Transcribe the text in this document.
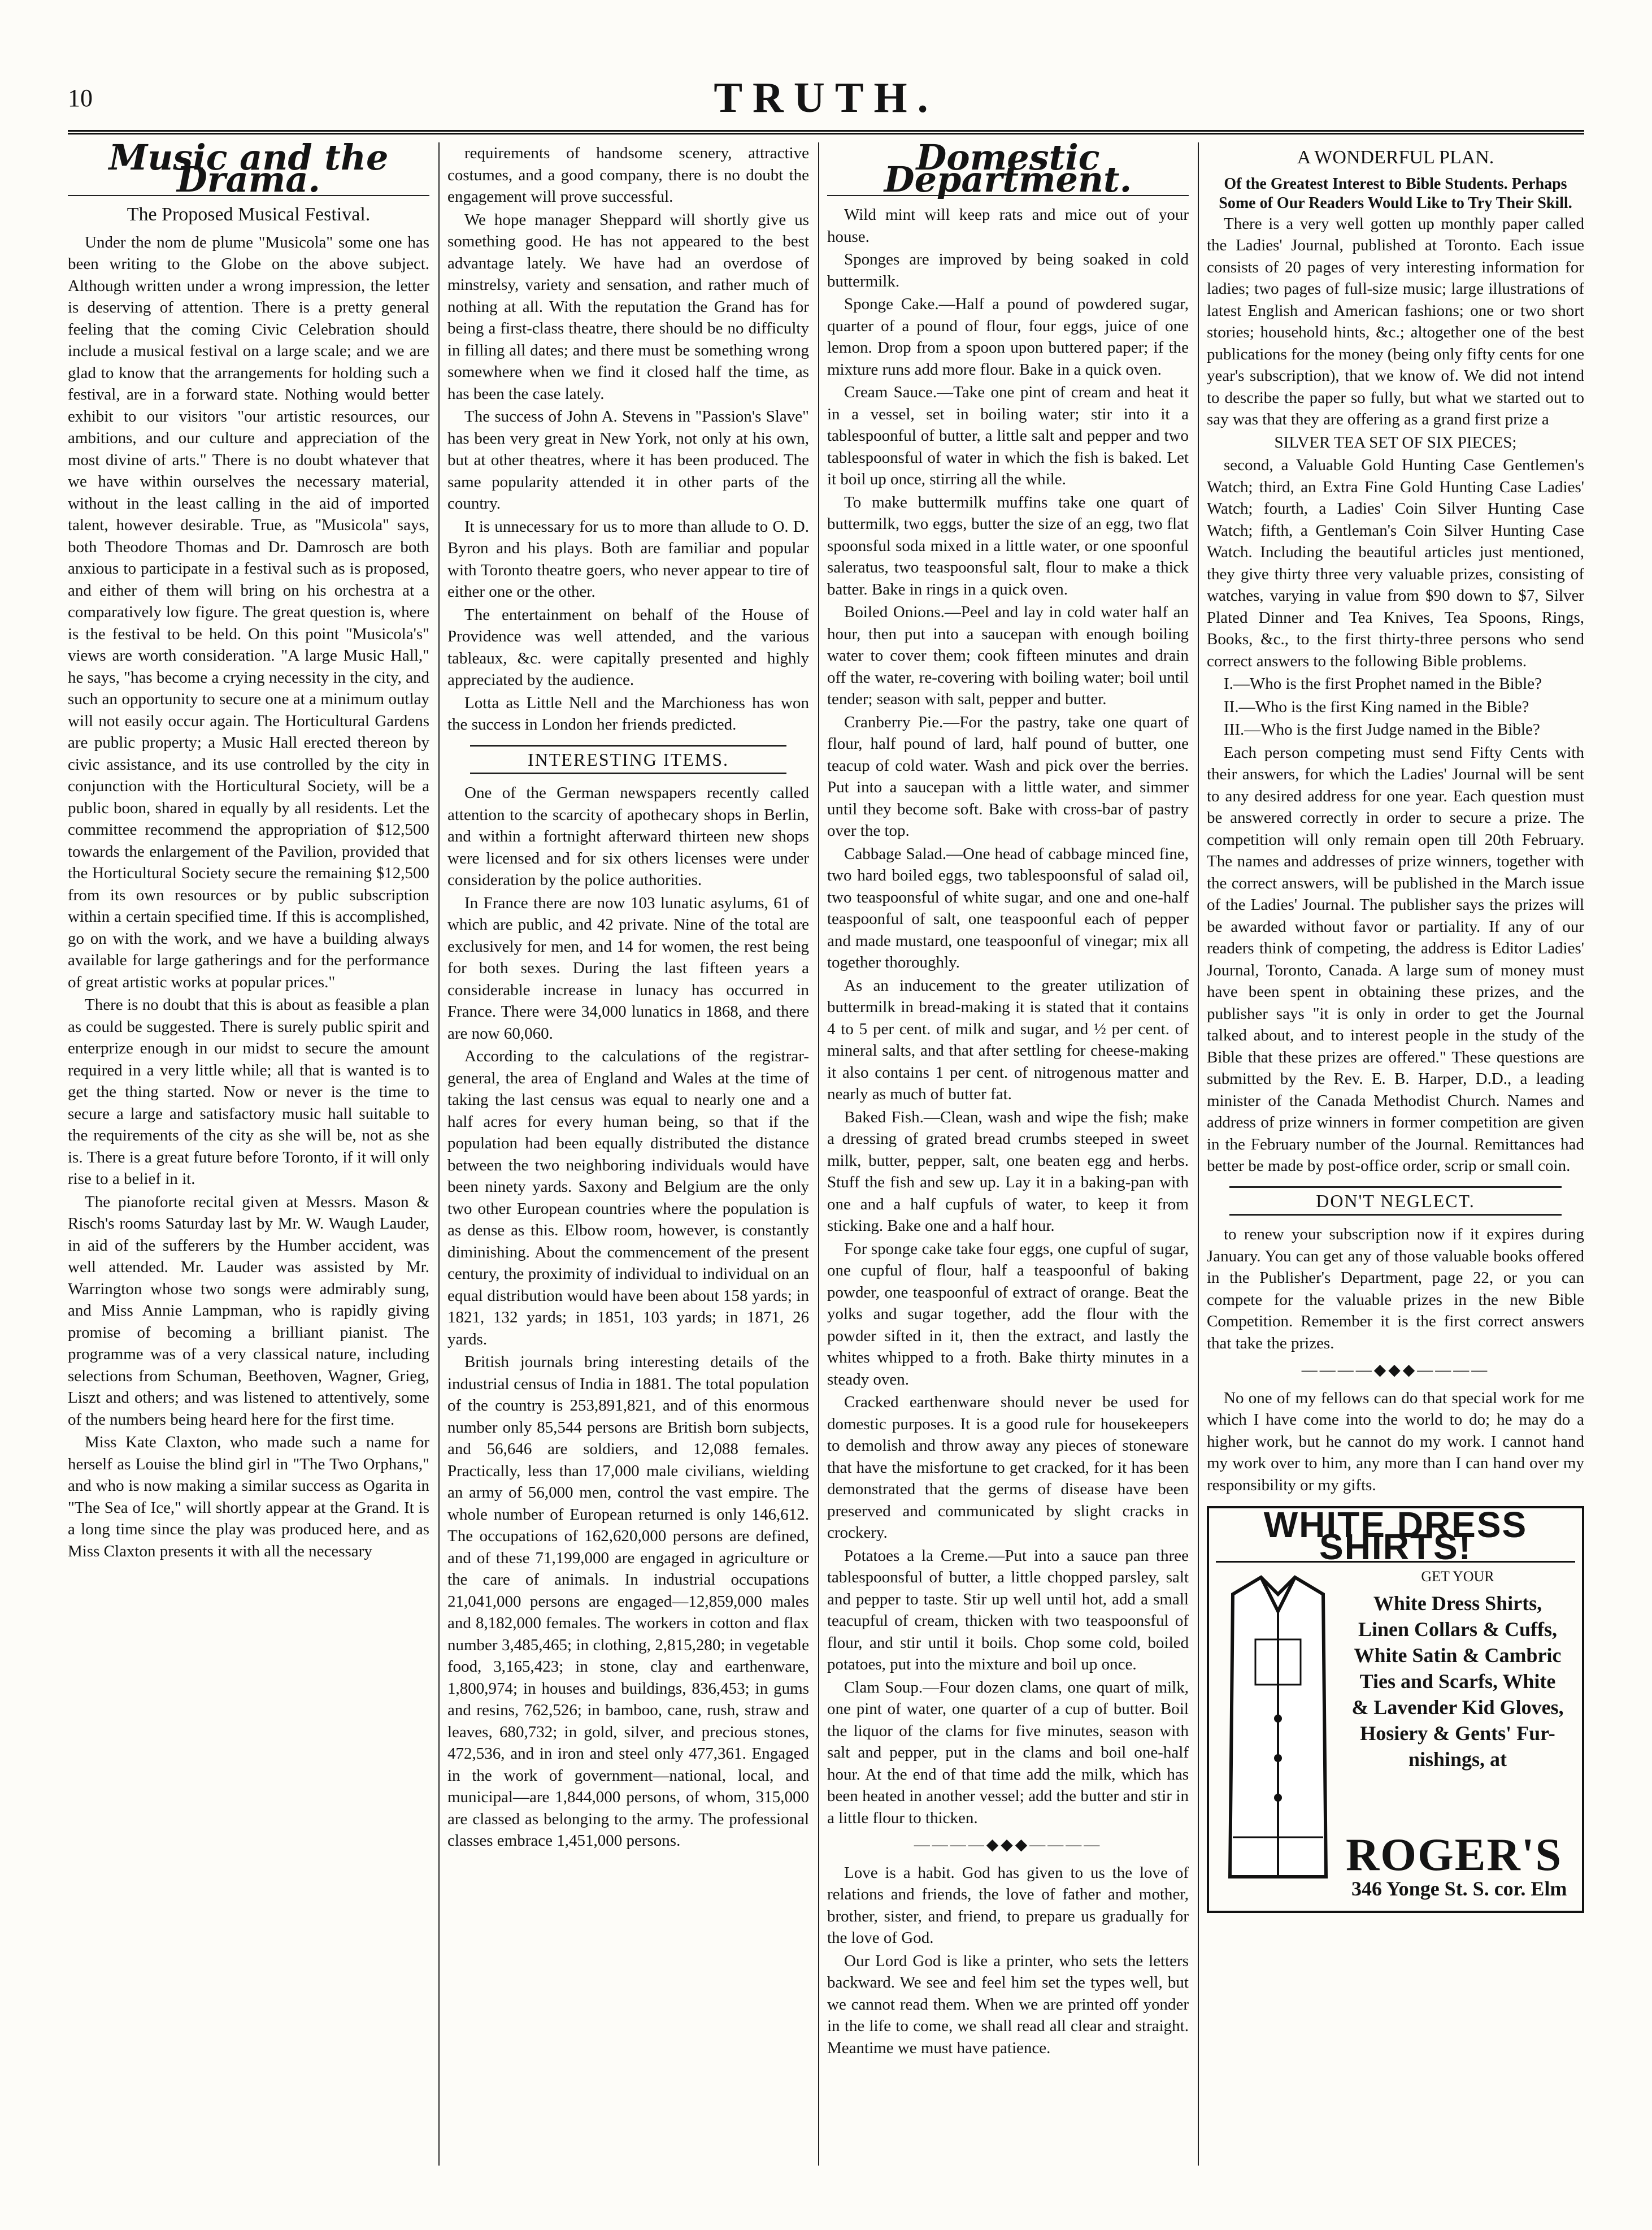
10	TRUTH.
Music and the Drama.
The Proposed Musical Festival.

Under the nom de plume "Musicola" some one has been writing to the Globe on the above subject. Although written under a wrong impression, the letter is deserving of attention. There is a pretty general feeling that the coming Civic Celebration should include a musical festival on a large scale; and we are glad to know that the arrangements for holding such a festival, are in a forward state. Nothing would better exhibit to our visitors "our artistic resources, our ambitions, and our culture and appreciation of the most divine of arts." There is no doubt whatever that we have within ourselves the necessary material, without in the least calling in the aid of imported talent, however desirable. True, as "Musicola" says, both Theodore Thomas and Dr. Damrosch are both anxious to participate in a festival such as is proposed, and either of them will bring on his orchestra at a comparatively low figure. The great question is, where is the festival to be held. On this point "Musicola's" views are worth consideration. "A large Music Hall," he says, "has become a crying necessity in the city, and such an opportunity to secure one at a minimum outlay will not easily occur again. The Horticultural Gardens are public property; a Music Hall erected thereon by civic assistance, and its use controlled by the city in conjunction with the Horticultural Society, will be a public boon, shared in equally by all residents. Let the committee recommend the appropriation of $12,500 towards the enlargement of the Pavilion, provided that the Horticultural Society secure the remaining $12,500 from its own resources or by public subscription within a certain specified time. If this is accomplished, go on with the work, and we have a building always available for large gatherings and for the performance of great artistic works at popular prices."

There is no doubt that this is about as feasible a plan as could be suggested. There is surely public spirit and enterprize enough in our midst to secure the amount required in a very little while; all that is wanted is to get the thing started. Now or never is the time to secure a large and satisfactory music hall suitable to the requirements of the city as she will be, not as she is. There is a great future before Toronto, if it will only rise to a belief in it.

The pianoforte recital given at Messrs. Mason & Risch's rooms Saturday last by Mr. W. Waugh Lauder, in aid of the sufferers by the Humber accident, was well attended. Mr. Lauder was assisted by Mr. Warrington whose two songs were admirably sung, and Miss Annie Lampman, who is rapidly giving promise of becoming a brilliant pianist. The programme was of a very classical nature, including selections from Schuman, Beethoven, Wagner, Grieg, Liszt and others; and was listened to attentively, some of the numbers being heard here for the first time.

Miss Kate Claxton, who made such a name for herself as Louise the blind girl in "The Two Orphans," and who is now making a similar success as Ogarita in "The Sea of Ice," will shortly appear at the Grand. It is a long time since the play was produced here, and as Miss Claxton presents it with all the necessary

requirements of handsome scenery, attractive costumes, and a good company, there is no doubt the engagement will prove successful.

We hope manager Sheppard will shortly give us something good. He has not appeared to the best advantage lately. We have had an overdose of minstrelsy, variety and sensation, and rather much of nothing at all. With the reputation the Grand has for being a first-class theatre, there should be no difficulty in filling all dates; and there must be something wrong somewhere when we find it closed half the time, as has been the case lately.

The success of John A. Stevens in "Passion's Slave" has been very great in New York, not only at his own, but at other theatres, where it has been produced. The same popularity attended it in other parts of the country.

It is unnecessary for us to more than allude to O. D. Byron and his plays. Both are familiar and popular with Toronto theatre goers, who never appear to tire of either one or the other.

The entertainment on behalf of the House of Providence was well attended, and the various tableaux, &c. were capitally presented and highly appreciated by the audience.

Lotta as Little Nell and the Marchioness has won the success in London her friends predicted.

INTERESTING ITEMS.

One of the German newspapers recently called attention to the scarcity of apothecary shops in Berlin, and within a fortnight afterward thirteen new shops were licensed and for six others licenses were under consideration by the police authorities.

In France there are now 103 lunatic asylums, 61 of which are public, and 42 private. Nine of the total are exclusively for men, and 14 for women, the rest being for both sexes. During the last fifteen years a considerable increase in lunacy has occurred in France. There were 34,000 lunatics in 1868, and there are now 60,060.

According to the calculations of the registrar-general, the area of England and Wales at the time of taking the last census was equal to nearly one and a half acres for every human being, so that if the population had been equally distributed the distance between the two neighboring individuals would have been ninety yards. Saxony and Belgium are the only two other European countries where the population is as dense as this. Elbow room, however, is constantly diminishing. About the commencement of the present century, the proximity of individual to individual on an equal distribution would have been about 158 yards; in 1821, 132 yards; in 1851, 103 yards; in 1871, 26 yards.

British journals bring interesting details of the industrial census of India in 1881. The total population of the country is 253,891,821, and of this enormous number only 85,544 persons are British born subjects, and 56,646 are soldiers, and 12,088 females. Practically, less than 17,000 male civilians, wielding an army of 56,000 men, control the vast empire. The whole number of European returned is only 146,612. The occupations of 162,620,000 persons are defined, and of these 71,199,000 are engaged in agriculture or the care of animals. In industrial occupations 21,041,000 persons are engaged—12,859,000 males and 8,182,000 females. The workers in cotton and flax number 3,485,465; in clothing, 2,815,280; in vegetable food, 3,165,423; in stone, clay and earthenware, 1,800,974; in houses and buildings, 836,453; in gums and resins, 762,526; in bamboo, cane, rush, straw and leaves, 680,732; in gold, silver, and precious stones, 472,536, and in iron and steel only 477,361. Engaged in the work of government—national, local, and municipal—are 1,844,000 persons, of whom, 315,000 are classed as belonging to the army. The professional classes embrace 1,451,000 persons.

Domestic Department.

Wild mint will keep rats and mice out of your house.

Sponges are improved by being soaked in cold buttermilk.

Sponge Cake.—Half a pound of powdered sugar, quarter of a pound of flour, four eggs, juice of one lemon. Drop from a spoon upon buttered paper; if the mixture runs add more flour. Bake in a quick oven.

Cream Sauce.—Take one pint of cream and heat it in a vessel, set in boiling water; stir into it a tablespoonful of butter, a little salt and pepper and two tablespoonsful of water in which the fish is baked. Let it boil up once, stirring all the while.

To make buttermilk muffins take one quart of buttermilk, two eggs, butter the size of an egg, two flat spoonsful soda mixed in a little water, or one spoonful saleratus, two teaspoonsful salt, flour to make a thick batter. Bake in rings in a quick oven.

Boiled Onions.—Peel and lay in cold water half an hour, then put into a saucepan with enough boiling water to cover them; cook fifteen minutes and drain off the water, re-covering with boiling water; boil until tender; season with salt, pepper and butter.

Cranberry Pie.—For the pastry, take one quart of flour, half pound of lard, half pound of butter, one teacup of cold water. Wash and pick over the berries. Put into a saucepan with a little water, and simmer until they become soft. Bake with cross-bar of pastry over the top.

Cabbage Salad.—One head of cabbage minced fine, two hard boiled eggs, two tablespoonsful of salad oil, two teaspoonsful of white sugar, and one and one-half teaspoonful of salt, one teaspoonful each of pepper and made mustard, one teaspoonful of vinegar; mix all together thoroughly.

As an inducement to the greater utilization of buttermilk in bread-making it is stated that it contains 4 to 5 per cent. of milk and sugar, and ½ per cent. of mineral salts, and that after settling for cheese-making it also contains 1 per cent. of nitrogenous matter and nearly as much of butter fat.

Baked Fish.—Clean, wash and wipe the fish; make a dressing of grated bread crumbs steeped in sweet milk, butter, pepper, salt, one beaten egg and herbs. Stuff the fish and sew up. Lay it in a baking-pan with one and a half cupfuls of water, to keep it from sticking. Bake one and a half hour.

For sponge cake take four eggs, one cupful of sugar, one cupful of flour, half a teaspoonful of baking powder, one teaspoonful of extract of orange. Beat the yolks and sugar together, add the flour with the powder sifted in it, then the extract, and lastly the whites whipped to a froth. Bake thirty minutes in a steady oven.

Cracked earthenware should never be used for domestic purposes. It is a good rule for housekeepers to demolish and throw away any pieces of stoneware that have the misfortune to get cracked, for it has been demonstrated that the germs of disease have been preserved and communicated by slight cracks in crockery.

Potatoes a la Creme.—Put into a sauce pan three tablespoonsful of butter, a little chopped parsley, salt and pepper to taste. Stir up well until hot, add a small teacupful of cream, thicken with two teaspoonsful of flour, and stir until it boils. Chop some cold, boiled potatoes, put into the mixture and boil up once.

Clam Soup.—Four dozen clams, one quart of milk, one pint of water, one quarter of a cup of butter. Boil the liquor of the clams for five minutes, season with salt and pepper, put in the clams and boil one-half hour. At the end of that time add the milk, which has been heated in another vessel; add the butter and stir in a little flour to thicken.

————◆◆◆————

Love is a habit. God has given to us the love of relations and friends, the love of father and mother, brother, sister, and friend, to prepare us gradually for the love of God.

Our Lord God is like a printer, who sets the letters backward. We see and feel him set the types well, but we cannot read them. When we are printed off yonder in the life to come, we shall read all clear and straight. Meantime we must have patience.

A WONDERFUL PLAN.
Of the Greatest Interest to Bible Students. Perhaps Some of Our Readers Would Like to Try Their Skill.

There is a very well gotten up monthly paper called the Ladies' Journal, published at Toronto. Each issue consists of 20 pages of very interesting information for ladies; two pages of full-size music; large illustrations of latest English and American fashions; one or two short stories; household hints, &c.; altogether one of the best publications for the money (being only fifty cents for one year's subscription), that we know of. We did not intend to describe the paper so fully, but what we started out to say was that they are offering as a grand first prize a

SILVER TEA SET OF SIX PIECES;

second, a Valuable Gold Hunting Case Gentlemen's Watch; third, an Extra Fine Gold Hunting Case Ladies' Watch; fourth, a Ladies' Coin Silver Hunting Case Watch; fifth, a Gentleman's Coin Silver Hunting Case Watch. Including the beautiful articles just mentioned, they give thirty three very valuable prizes, consisting of watches, varying in value from $90 down to $7, Silver Plated Dinner and Tea Knives, Tea Spoons, Rings, Books, &c., to the first thirty-three persons who send correct answers to the following Bible problems.

I.—Who is the first Prophet named in the Bible?

II.—Who is the first King named in the Bible?

III.—Who is the first Judge named in the Bible?

Each person competing must send Fifty Cents with their answers, for which the Ladies' Journal will be sent to any desired address for one year. Each question must be answered correctly in order to secure a prize. The competition will only remain open till 20th February. The names and addresses of prize winners, together with the correct answers, will be published in the March issue of the Ladies' Journal. The publisher says the prizes will be awarded without favor or partiality. If any of our readers think of competing, the address is Editor Ladies' Journal, Toronto, Canada. A large sum of money must have been spent in obtaining these prizes, and the publisher says "it is only in order to get the Journal talked about, and to interest people in the study of the Bible that these prizes are offered." These questions are submitted by the Rev. E. B. Harper, D.D., a leading minister of the Canada Methodist Church. Names and address of prize winners in former competition are given in the February number of the Journal. Remittances had better be made by post-office order, scrip or small coin.

DON'T NEGLECT.

to renew your subscription now if it expires during January. You can get any of those valuable books offered in the Publisher's Department, page 22, or you can compete for the valuable prizes in the new Bible Competition. Remember it is the first correct answers that take the prizes.

————◆◆◆————

No one of my fellows can do that special work for me which I have come into the world to do; he may do a higher work, but he cannot do my work. I cannot hand my work over to him, any more than I can hand over my responsibility or my gifts.

WHITE DRESS SHIRTS!
GET YOUR
White Dress Shirts,
Linen Collars & Cuffs,
White Satin & Cambric
Ties and Scarfs, White
& Lavender Kid Gloves,
Hosiery & Gents' Fur-
nishings, at
ROGER'S
346 Yonge St. S. cor. Elm
